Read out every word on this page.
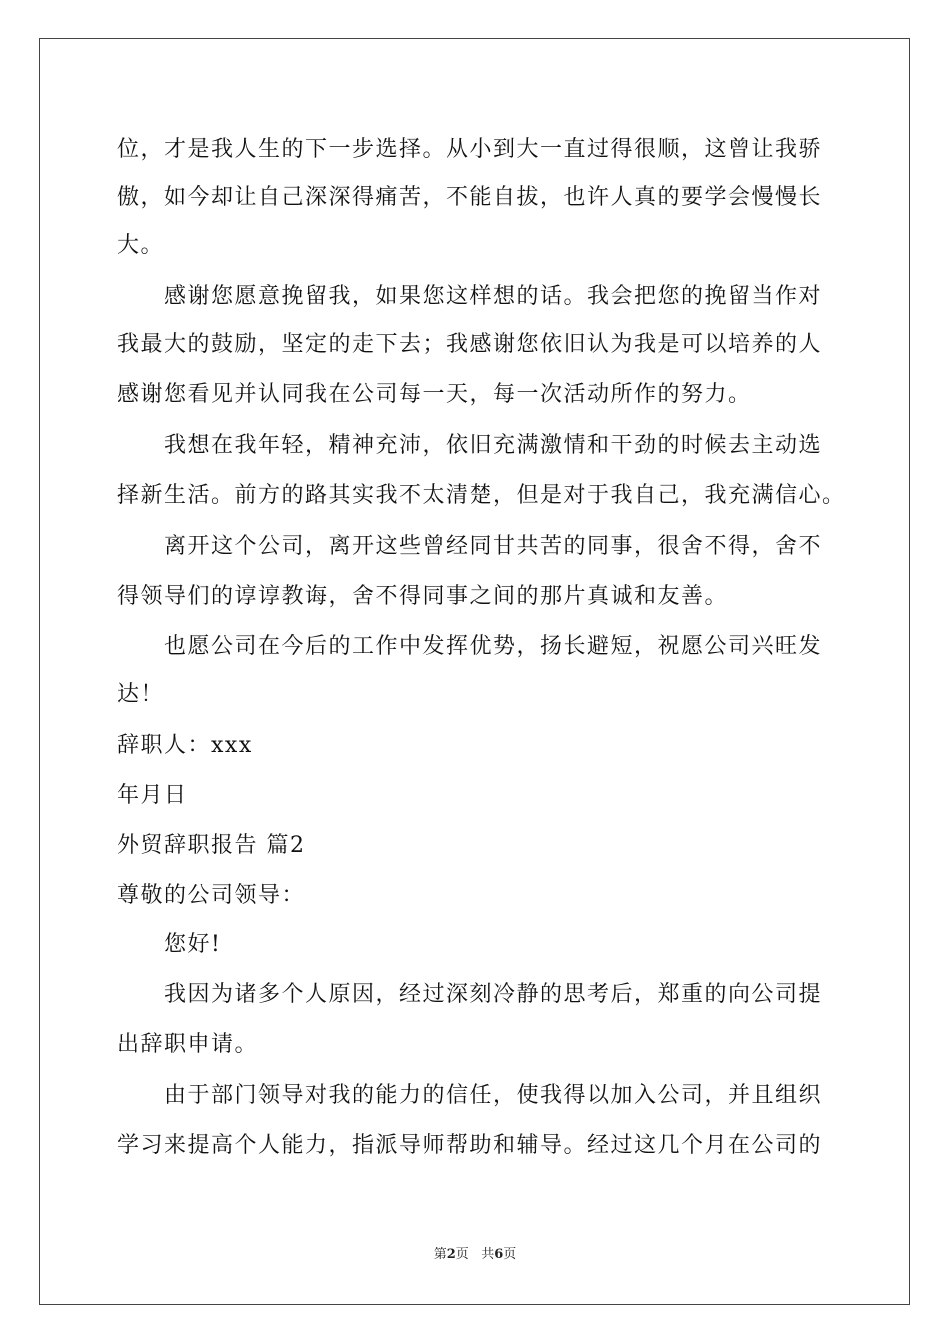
位，才是我人生的下一步选择。从小到大一直过得很顺，这曾让我骄
傲，如今却让自己深深得痛苦，不能自拔，也许人真的要学会慢慢长
大。
感谢您愿意挽留我，如果您这样想的话。我会把您的挽留当作对
我最大的鼓励，坚定的走下去；我感谢您依旧认为我是可以培养的人
感谢您看见并认同我在公司每一天，每一次活动所作的努力。
我想在我年轻，精神充沛，依旧充满激情和干劲的时候去主动选
择新生活。前方的路其实我不太清楚，但是对于我自己，我充满信心。
离开这个公司，离开这些曾经同甘共苦的同事，很舍不得，舍不
得领导们的谆谆教诲，舍不得同事之间的那片真诚和友善。
也愿公司在今后的工作中发挥优势，扬长避短，祝愿公司兴旺发
达！
辞职人：xxx
年月日
外贸辞职报告 篇2
尊敬的公司领导：
您好!
我因为诸多个人原因，经过深刻冷静的思考后，郑重的向公司提
出辞职申请。
由于部门领导对我的能力的信任，使我得以加入公司，并且组织
学习来提高个人能力，指派导师帮助和辅导。经过这几个月在公司的
第2页 共6页
